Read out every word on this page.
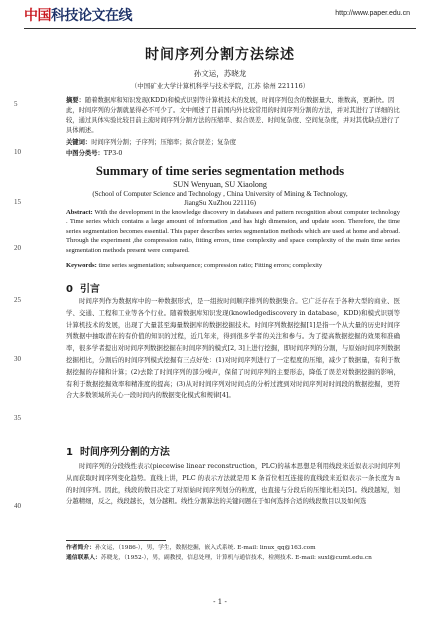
中国 科技论文在线	http://www.paper.edu.cn
5
10
15
20
25
30
35
40
时间序列分割方法综述
孙文运，苏晓龙
（中国矿业大学计算机科学与技术学院，江苏 徐州 221116）
摘要：随着数据库和知识发现(KDD)和模式识别等计算机技术的发展，时间序列包含的数据量大、维数高，更新快。因此，时间序列的分割就显得必不可少了。文中阐述了目前国内外比较常用的时间序列分割的方法，并对其进行了详细的比较，通过具体实验比较目前主流时间序列分割方法的压缩率、拟合误差、时间复杂度、空间复杂度，并对其优缺点进行了具体阐述。
关键词：时间序列分割；子序列；压缩率；拟合误差；复杂度
中图分类号：TP3-0
Summary of time series segmentation methods
SUN Wenyuan, SU Xiaolong
(School of Computer Science and Technology , China University of Mining & Technology,
JiangSu XuZhou 221116)
Abstract: With the development in the knowledge discovery in databases and pattern recognition about computer technology . Time series which contains a large amount of information ,and has high dimension, and update soon. Therefore, the time series segmentation becomes essential. This paper describes series segmentation methods which are used at home and abroad. Through the experiment ,the compression ratio, fitting errors, time complexity and space complexity of the main time series segmentation methods present were compared.
Keywords: time series segmentation; subsequence; compression ratio; Fitting errors; complexity
0 引言
时间序列作为数据库中的一种数据形式，是一组按时间顺序排列的数据集合。它广泛存在于各种大型的商业、医学、交通、工程和工业等各个行业。随着数据库知识发现(knowledgediscovery in database，KDD)和模式识别等计算机技术的发展，出现了大量甚至海量数据库的数据挖掘技术。时间序列数据挖掘[1]是指一个从大量的历史时间序列数据中抽取潜在的有价值的知识的过程，近几年来，得到很多学者的关注和参与。为了提高数据挖掘的效果和准确率，很多学者提出对时间序列数据挖掘在时间序列的模式[2, 3]上进行挖掘，即时间序列的分割，与原始时间序列数据挖掘相比，分割后的时间序列模式挖掘有三点好处：(1)对时间序列进行了一定程度的压缩，减少了数据量，有利于数据挖掘的存储和计算；(2)去除了时间序列的部分噪声，保留了时间序列的主要形态，降低了误差对数据挖掘的影响，有利于数据挖掘效率和精准度的提高；(3)从对时间序列对时间点的分析过渡到对时间序列对时间段的数据挖掘，更符合大多数领域所关心一段时间内的数据变化模式和规律[4]。
1 时间序列分割的方法
时间序列的分段线性表示(piecewise linear reconstruction，PLC)的基本思想是利用线段来近似表示时间序列从而获取时间序列变化趋势。直线上讲，PLC 的表示方法就是用 K 条首位相互连接的直线段来近似表示一条长度为 n 的时间序列。因此，线段的数目决定了对原始时间序列划分的粒度，也直接与分段后的压缩比相关[5]。线段越短，划分越精细，反之，线段越长，划分越粗。线性分割算法的关键问题在于如何选择合适的线段数目以及如何选
作者简介：孙文运，（1986-），男，学生，数据挖掘，嵌入式系统. E-mail: linux_qq@163.com
通信联系人：苏晓龙，（1952-），男，副教授，信息处理，计算机与通信技术，检测技术. E-mail: suxl@cumt.edu.cn
- 1 -
